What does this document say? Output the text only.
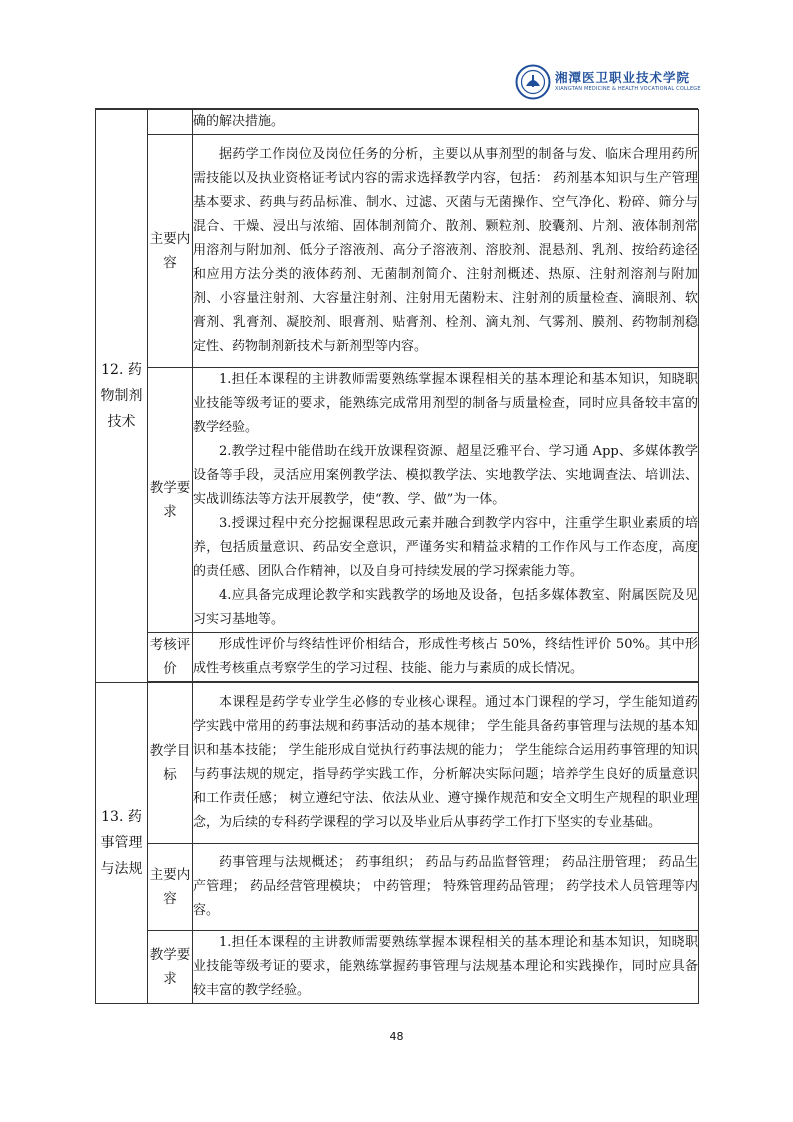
湘潭医卫职业技术学院
XIANGTAN MEDICINE & HEALTH VOCATIONAL COLLEGE
12. 药物制剂技术		确的解决措施。
	主要内容	据药学工作岗位及岗位任务的分析，主要以从事剂型的制备与发、临床合理用药所需技能以及执业资格证考试内容的需求选择教学内容，包括： 药剂基本知识与生产管理基本要求、药典与药品标准、制水、过滤、灭菌与无菌操作、空气净化、粉碎、筛分与混合、干燥、浸出与浓缩、固体制剂简介、散剂、颗粒剂、胶囊剂、片剂、液体制剂常用溶剂与附加剂、低分子溶液剂、高分子溶液剂、溶胶剂、混悬剂、乳剂、按给药途径和应用方法分类的液体药剂、无菌制剂简介、注射剂概述、热原、注射剂溶剂与附加剂、小容量注射剂、大容量注射剂、注射用无菌粉末、注射剂的质量检查、滴眼剂、软膏剂、乳膏剂、凝胶剂、眼膏剂、贴膏剂、栓剂、滴丸剂、气雾剂、膜剂、药物制剂稳定性、药物制剂新技术与新剂型等内容。

	教学要求	1.担任本课程的主讲教师需要熟练掌握本课程相关的基本理论和基本知识，知晓职业技能等级考证的要求，能熟练完成常用剂型的制备与质量检查，同时应具备较丰富的教学经验。

2.教学过程中能借助在线开放课程资源、超星泛雅平台、学习通 App、多媒体教学设备等手段，灵活应用案例教学法、模拟教学法、实地教学法、实地调查法、培训法、实战训练法等方法开展教学，使“教、学、做”为一体。

3.授课过程中充分挖掘课程思政元素并融合到教学内容中，注重学生职业素质的培养，包括质量意识、药品安全意识，严谨务实和精益求精的工作作风与工作态度，高度的责任感、团队合作精神，以及自身可持续发展的学习探索能力等。

4.应具备完成理论教学和实践教学的场地及设备，包括多媒体教室、附属医院及见习实习基地等。

	考核评价	形成性评价与终结性评价相结合，形成性考核占 50%，终结性评价 50%。其中形成性考核重点考察学生的学习过程、技能、能力与素质的成长情况。

13. 药事管理与法规	教学目标	本课程是药学专业学生必修的专业核心课程。通过本门课程的学习，学生能知道药学实践中常用的药事法规和药事活动的基本规律； 学生能具备药事管理与法规的基本知识和基本技能； 学生能形成自觉执行药事法规的能力； 学生能综合运用药事管理的知识与药事法规的规定，指导药学实践工作，分析解决实际问题；培养学生良好的质量意识和工作责任感； 树立遵纪守法、依法从业、遵守操作规范和安全文明生产规程的职业理念，为后续的专科药学课程的学习以及毕业后从事药学工作打下坚实的专业基础。

	主要内容	药事管理与法规概述； 药事组织； 药品与药品监督管理； 药品注册管理； 药品生产管理； 药品经营管理模块； 中药管理； 特殊管理药品管理； 药学技术人员管理等内容。

	教学要求	1.担任本课程的主讲教师需要熟练掌握本课程相关的基本理论和基本知识，知晓职业技能等级考证的要求，能熟练掌握药事管理与法规基本理论和实践操作，同时应具备较丰富的教学经验。

48
